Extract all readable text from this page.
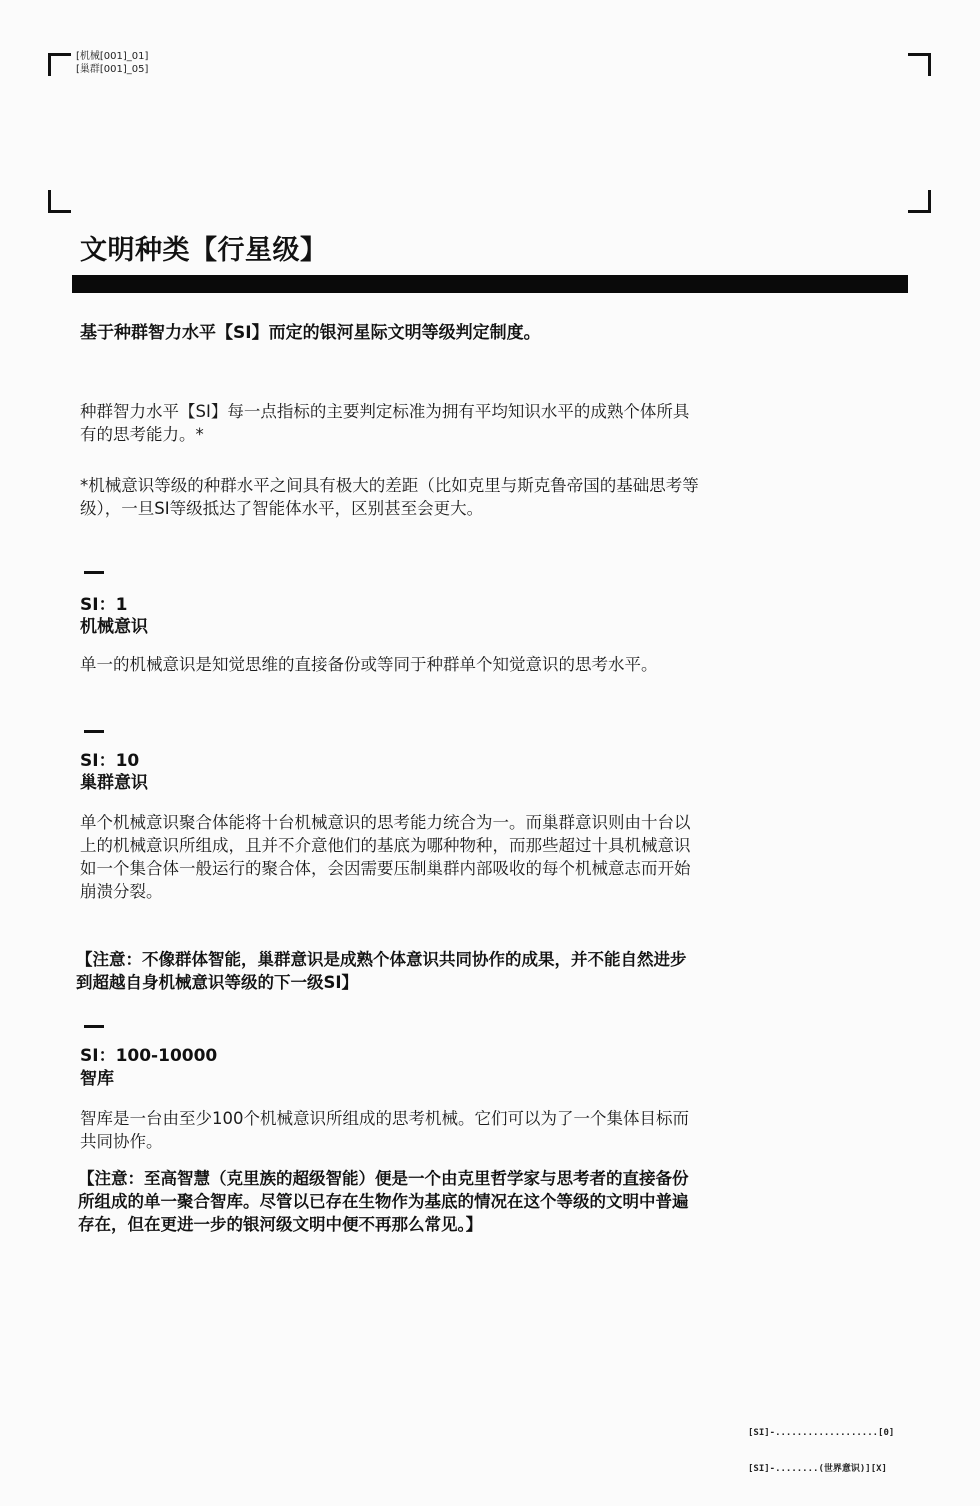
[机械[001]_01]
[巢群[001]_05]
文明种类【行星级】

基于种群智力水平【SI】而定的银河星际文明等级判定制度。

种群智力水平【SI】每一点指标的主要判定标准为拥有平均知识水平的成熟个体所具有的思考能力。*

*机械意识等级的种群水平之间具有极大的差距（比如克里与斯克鲁帝国的基础思考等级），一旦SI等级抵达了智能体水平，区别甚至会更大。

SI：1

机械意识

单一的机械意识是知觉思维的直接备份或等同于种群单个知觉意识的思考水平。

SI：10

巢群意识

单个机械意识聚合体能将十台机械意识的思考能力统合为一。而巢群意识则由十台以上的机械意识所组成，且并不介意他们的基底为哪种物种，而那些超过十具机械意识如一个集合体一般运行的聚合体，会因需要压制巢群内部吸收的每个机械意志而开始崩溃分裂。

【注意：不像群体智能，巢群意识是成熟个体意识共同协作的成果，并不能自然进步到超越自身机械意识等级的下一级SI】

SI：100-10000

智库

智库是一台由至少100个机械意识所组成的思考机械。它们可以为了一个集体目标而共同协作。

【注意：至高智慧（克里族的超级智能）便是一个由克里哲学家与思考者的直接备份所组成的单一聚合智库。尽管以已存在生物作为基底的情况在这个等级的文明中普遍存在，但在更进一步的银河级文明中便不再那么常见。】

[SI]-...................[0]

[SI]-........(世界意识)][X]
